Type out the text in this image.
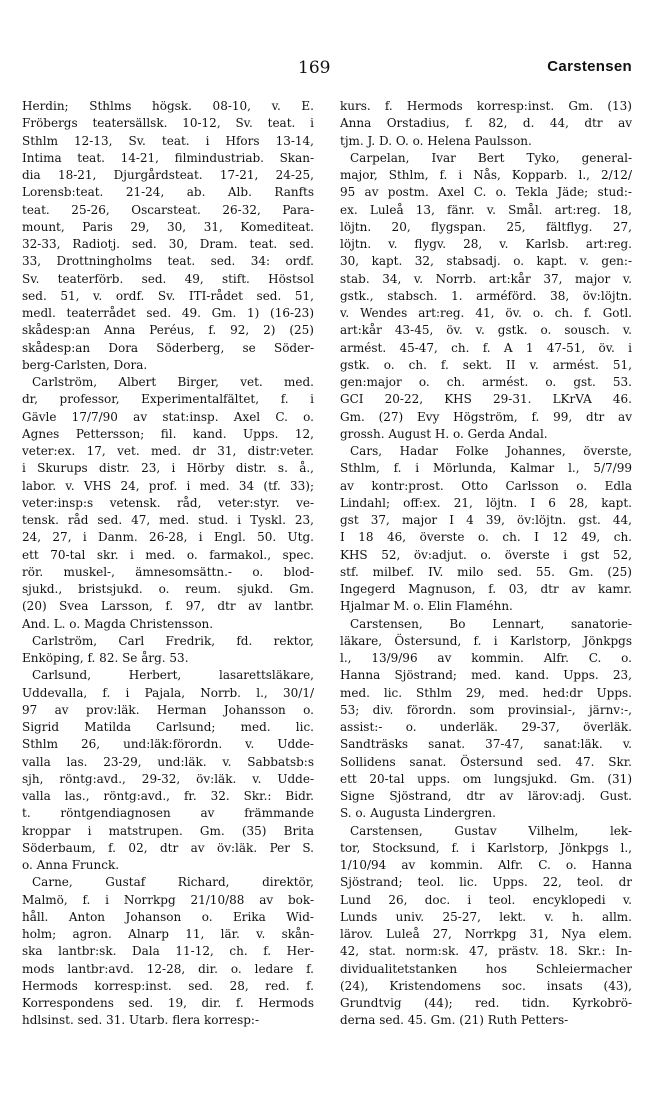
169	Carstensen
Herdin; Sthlms högsk. 08-10, v. E.
Fröbergs teatersällsk. 10-12, Sv. teat. i
Sthlm 12-13, Sv. teat. i Hfors 13-14,
Intima teat. 14-21, filmindustriab. Skan-
dia 18-21, Djurgårdsteat. 17-21, 24-25,
Lorensb:teat. 21-24, ab. Alb. Ranfts
teat. 25-26, Oscarsteat. 26-32, Para-
mount, Paris 29, 30, 31, Komediteat.
32-33, Radiotj. sed. 30, Dram. teat. sed.
33, Drottningholms teat. sed. 34: ordf.
Sv. teaterförb. sed. 49, stift. Höstsol
sed. 51, v. ordf. Sv. ITI-rådet sed. 51,
medl. teaterrådet sed. 49. Gm. 1) (16-23)
skådesp:an Anna Peréus, f. 92, 2) (25)
skådesp:an Dora Söderberg, se Söder-
berg-Carlsten, Dora.
Carlström, Albert Birger, vet. med.
dr, professor, Experimentalfältet, f. i
Gävle 17/7/90 av stat:insp. Axel C. o.
Agnes Pettersson; fil. kand. Upps. 12,
veter:ex. 17, vet. med. dr 31, distr:veter.
i Skurups distr. 23, i Hörby distr. s. å.,
labor. v. VHS 24, prof. i med. 34 (tf. 33);
veter:insp:s vetensk. råd, veter:styr. ve-
tensk. råd sed. 47, med. stud. i Tyskl. 23,
24, 27, i Danm. 26-28, i Engl. 50. Utg.
ett 70-tal skr. i med. o. farmakol., spec.
rör. muskel-, ämnesomsättn.- o. blod-
sjukd., bristsjukd. o. reum. sjukd. Gm.
(20) Svea Larsson, f. 97, dtr av lantbr.
And. L. o. Magda Christensson.
Carlström, Carl Fredrik, fd. rektor,
Enköping, f. 82. Se årg. 53.
Carlsund, Herbert, lasarettsläkare,
Uddevalla, f. i Pajala, Norrb. l., 30/1/
97 av prov:läk. Herman Johansson o.
Sigrid Matilda Carlsund; med. lic.
Sthlm 26, und:läk:förordn. v. Udde-
valla las. 23-29, und:läk. v. Sabbatsb:s
sjh, röntg:avd., 29-32, öv:läk. v. Udde-
valla las., röntg:avd., fr. 32. Skr.: Bidr.
t. röntgendiagnosen av främmande
kroppar i matstrupen. Gm. (35) Brita
Söderbaum, f. 02, dtr av öv:läk. Per S.
o. Anna Frunck.
Carne, Gustaf Richard, direktör,
Malmö, f. i Norrkpg 21/10/88 av bok-
håll. Anton Johanson o. Erika Wid-
holm; agron. Alnarp 11, lär. v. skån-
ska lantbr:sk. Dala 11-12, ch. f. Her-
mods lantbr:avd. 12-28, dir. o. ledare f.
Hermods korresp:inst. sed. 28, red. f.
Korrespondens sed. 19, dir. f. Hermods
hdlsinst. sed. 31. Utarb. flera korresp:-
kurs. f. Hermods korresp:inst. Gm. (13)
Anna Orstadius, f. 82, d. 44, dtr av
tjm. J. D. O. o. Helena Paulsson.
Carpelan, Ivar Bert Tyko, general-
major, Sthlm, f. i Nås, Kopparb. l., 2/12/
95 av postm. Axel C. o. Tekla Jäde; stud:-
ex. Luleå 13, fänr. v. Smål. art:reg. 18,
löjtn. 20, flygspan. 25, fältflyg. 27,
löjtn. v. flygv. 28, v. Karlsb. art:reg.
30, kapt. 32, stabsadj. o. kapt. v. gen:-
stab. 34, v. Norrb. art:kår 37, major v.
gstk., stabsch. 1. arméförd. 38, öv:löjtn.
v. Wendes art:reg. 41, öv. o. ch. f. Gotl.
art:kår 43-45, öv. v. gstk. o. sousch. v.
armést. 45-47, ch. f. A 1 47-51, öv. i
gstk. o. ch. f. sekt. II v. armést. 51,
gen:major o. ch. armést. o. gst. 53.
GCI 20-22, KHS 29-31. LKrVA 46.
Gm. (27) Evy Högström, f. 99, dtr av
grossh. August H. o. Gerda Andal.
Cars, Hadar Folke Johannes, överste,
Sthlm, f. i Mörlunda, Kalmar l., 5/7/99
av kontr:prost. Otto Carlsson o. Edla
Lindahl; off:ex. 21, löjtn. I 6 28, kapt.
gst 37, major I 4 39, öv:löjtn. gst. 44,
I 18 46, överste o. ch. I 12 49, ch.
KHS 52, öv:adjut. o. överste i gst 52,
stf. milbef. IV. milo sed. 55. Gm. (25)
Ingegerd Magnuson, f. 03, dtr av kamr.
Hjalmar M. o. Elin Flaméhn.
Carstensen, Bo Lennart, sanatorie-
läkare, Östersund, f. i Karlstorp, Jönkpgs
l., 13/9/96 av kommin. Alfr. C. o.
Hanna Sjöstrand; med. kand. Upps. 23,
med. lic. Sthlm 29, med. hed:dr Upps.
53; div. förordn. som provinsial-, järnv:-,
assist:- o. underläk. 29-37, överläk.
Sandträsks sanat. 37-47, sanat:läk. v.
Sollidens sanat. Östersund sed. 47. Skr.
ett 20-tal upps. om lungsjukd. Gm. (31)
Signe Sjöstrand, dtr av lärov:adj. Gust.
S. o. Augusta Lindergren.
Carstensen, Gustav Vilhelm, lek-
tor, Stocksund, f. i Karlstorp, Jönkpgs l.,
1/10/94 av kommin. Alfr. C. o. Hanna
Sjöstrand; teol. lic. Upps. 22, teol. dr
Lund 26, doc. i teol. encyklopedi v.
Lunds univ. 25-27, lekt. v. h. allm.
lärov. Luleå 27, Norrkpg 31, Nya elem.
42, stat. norm:sk. 47, prästv. 18. Skr.: In-
dividualitetstanken hos Schleiermacher
(24), Kristendomens soc. insats (43),
Grundtvig (44); red. tidn. Kyrkobrö-
derna sed. 45. Gm. (21) Ruth Petters-
